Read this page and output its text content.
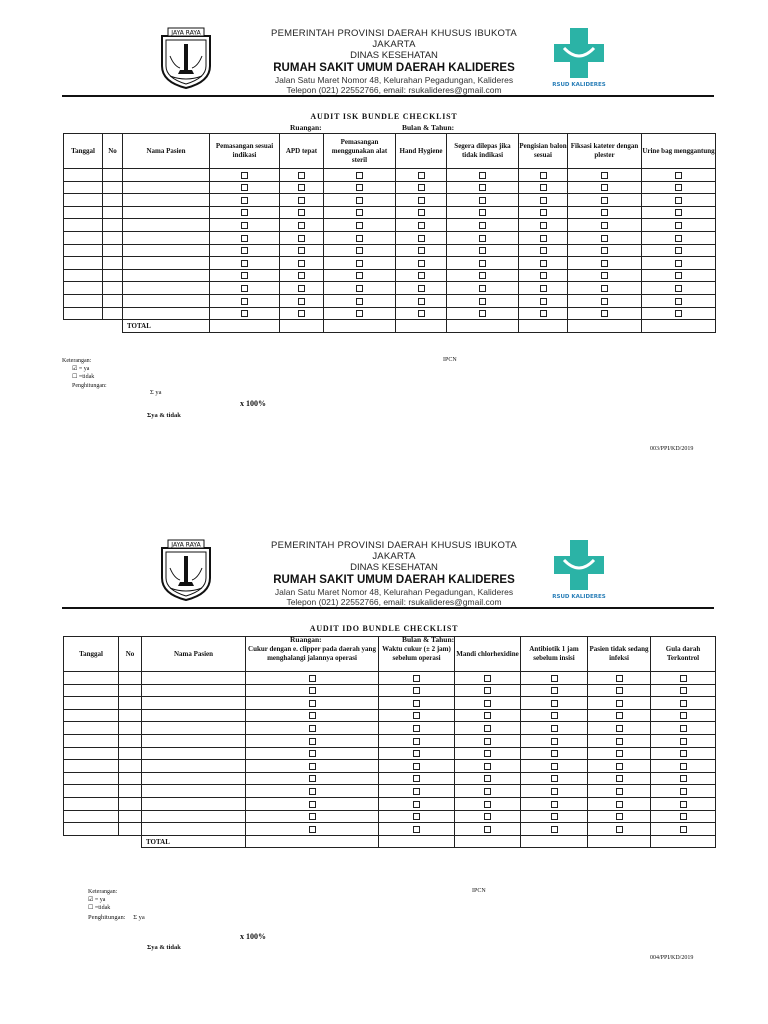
JAYA RAYA	PEMERINTAH PROVINSI DAERAH KHUSUS IBUKOTA JAKARTA
DINAS KESEHATAN
RUMAH SAKIT UMUM DAERAH KALIDERES
Jalan Satu Maret Nomor 48, Kelurahan Pegadungan, Kalideres
Telepon (021) 22552766, email: rsukalideres@gmail.com	RSUD KALIDERES
AUDIT ISK BUNDLE CHECKLIST
Ruangan:	Bulan & Tahun:
Tanggal	No	Nama Pasien	Pemasangan sesuai indikasi	APD tepat	Pemasangan menggunakan alat steril	Hand Hygiene	Segera dilepas jika tidak indikasi	Pengisian balon sesuai	Fiksasi kateter dengan plester	Urine bag menggantung

		TOTAL								
Keterangan:
☑ = ya
☐ =tidak
Penghitungan:
Σ ya
x 100%
Σya & tidak
IPCN
003/PPI/KD/2019
JAYA RAYA	PEMERINTAH PROVINSI DAERAH KHUSUS IBUKOTA JAKARTA
DINAS KESEHATAN
RUMAH SAKIT UMUM DAERAH KALIDERES
Jalan Satu Maret Nomor 48, Kelurahan Pegadungan, Kalideres
Telepon (021) 22552766, email: rsukalideres@gmail.com	RSUD KALIDERES
AUDIT IDO BUNDLE CHECKLIST
Ruangan:	Bulan & Tahun:
Tanggal	No	Nama Pasien	Cukur dengan e. clipper pada daerah yang menghalangi jalannya operasi	Waktu cukur (± 2 jam) sebelum operasi	Mandi chlorhexidine	Antibiotik 1 jam sebelum insisi	Pasien tidak sedang infeksi	Gula darah Terkontrol

		TOTAL						
Keterangan:
☑ = ya
☐ =tidak
Penghitungan: Σ ya
x 100%
Σya & tidak
IPCN
004/PPI/KD/2019
